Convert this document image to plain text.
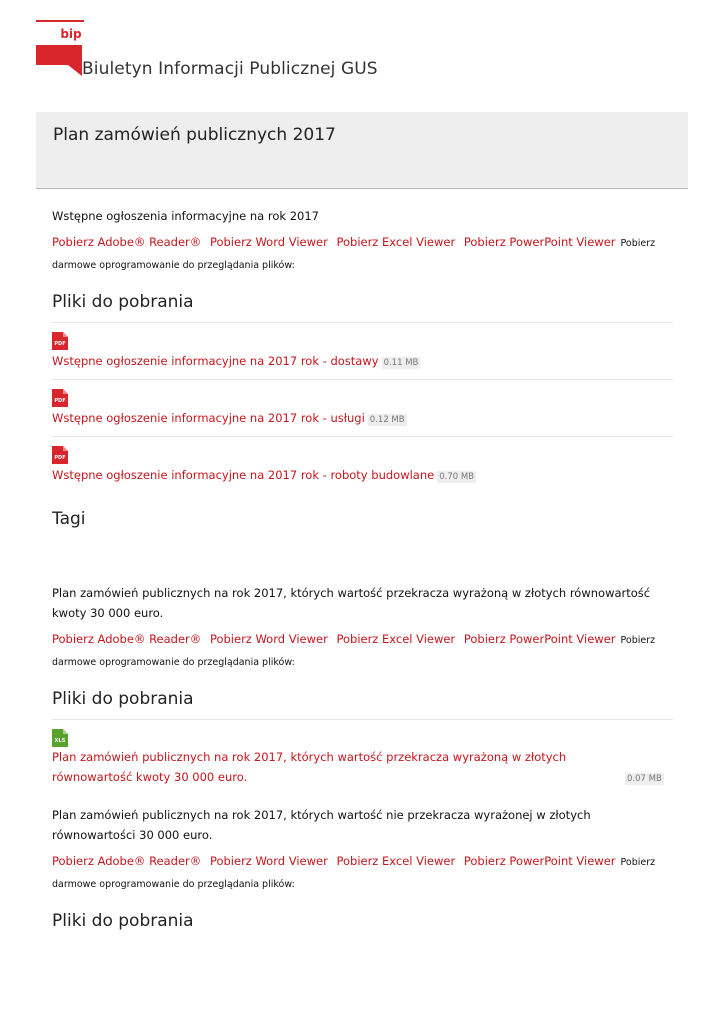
bip
Biuletyn Informacji Publicznej GUS
Plan zamówień publicznych 2017

Wstępne ogłoszenia informacyjne na rok 2017

Pobierz Adobe® Reader® Pobierz Word Viewer Pobierz Excel Viewer Pobierz PowerPoint Viewer Pobierz darmowe oprogramowanie do przeglądania plików:

Pliki do pobrania
PDF
Wstępne ogłoszenie informacyjne na 2017 rok - dostawy 0.11 MB
PDF
Wstępne ogłoszenie informacyjne na 2017 rok - usługi 0.12 MB
PDF
Wstępne ogłoszenie informacyjne na 2017 rok - roboty budowlane 0.70 MB
Tagi

Plan zamówień publicznych na rok 2017, których wartość przekracza wyrażoną w złotych równowartość kwoty 30 000 euro.

Pobierz Adobe® Reader® Pobierz Word Viewer Pobierz Excel Viewer Pobierz PowerPoint Viewer Pobierz darmowe oprogramowanie do przeglądania plików:

Pliki do pobrania
XLS
Plan zamówień publicznych na rok 2017, których wartość przekracza wyrażoną w złotych równowartość kwoty 30 000 euro.	0.07 MB

Plan zamówień publicznych na rok 2017, których wartość nie przekracza wyrażonej w złotych równowartości 30 000 euro.

Pobierz Adobe® Reader® Pobierz Word Viewer Pobierz Excel Viewer Pobierz PowerPoint Viewer Pobierz darmowe oprogramowanie do przeglądania plików:

Pliki do pobrania
